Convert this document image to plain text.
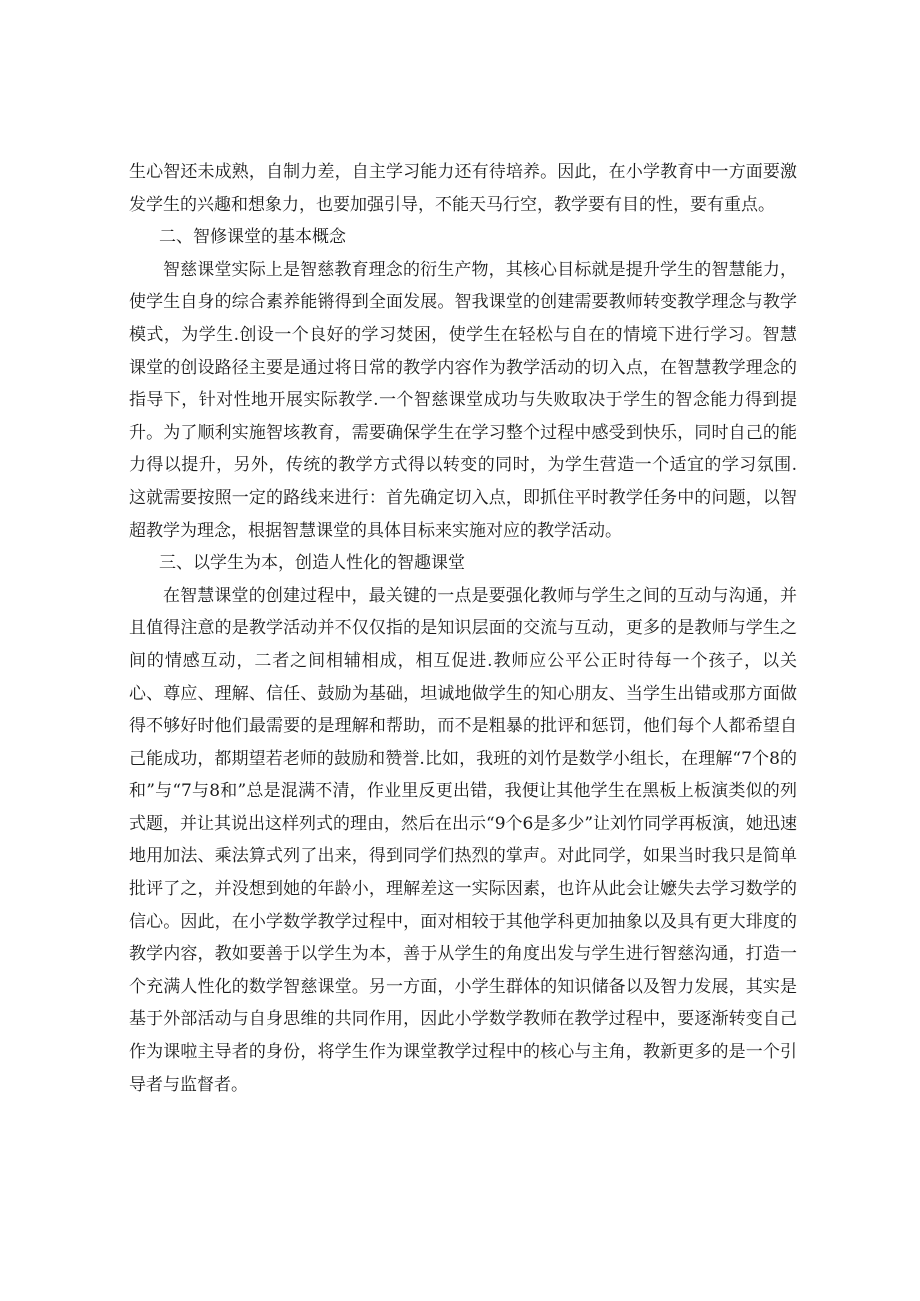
生心智还未成熟，自制力差，自主学习能力还有待培养。因此，在小学教育中一方面要激发学生的兴趣和想象力，也要加强引导，不能天马行空，教学要有目的性，要有重点。

二、智修课堂的基本概念

智慈课堂实际上是智慈教育理念的衍生产物，其核心目标就是提升学生的智慧能力，使学生自身的综合素养能锵得到全面发展。智我课堂的创建需要教师转变教学理念与教学模式，为学生.创设一个良好的学习焚困，使学生在轻松与自在的情境下进行学习。智慧课堂的创设路径主要是通过将日常的教学内容作为教学活动的切入点，在智慧教学理念的指导下，针对性地开展实际教学.一个智慈课堂成功与失败取决于学生的智念能力得到提升。为了顺利实施智垓教育，需要确保学生在学习整个过程中感受到快乐，同时自己的能力得以提升，另外，传统的教学方式得以转变的同时，为学生营造一个适宜的学习氛围.这就需要按照一定的路线来进行：首先确定切入点，即抓住平时教学任务中的问题，以智超教学为理念，根据智慧课堂的具体目标来实施对应的教学活动。

三、以学生为本，创造人性化的智趣课堂

在智慧课堂的创建过程中，最关键的一点是要强化教师与学生之间的互动与沟通，并且值得注意的是教学活动并不仅仅指的是知识层面的交流与互动，更多的是教师与学生之间的情感互动，二者之间相辅相成，相互促进.教师应公平公正时待每一个孩子，以关心、尊应、理解、信任、鼓励为基础，坦诚地做学生的知心朋友、当学生出错或那方面做得不够好时他们最需要的是理解和帮助，而不是粗暴的批评和惩罚，他们每个人都希望自己能成功，都期望若老师的鼓励和赞誉.比如，我班的刘竹是数学小组长，在理解“7个8的和”与“7与8和”总是混满不清，作业里反更出错，我便让其他学生在黑板上板演类似的列式题，并让其说出这样列式的理由，然后在出示“9个6是多少”让刘竹同学再板演，她迅速地用加法、乘法算式列了出来，得到同学们热烈的掌声。对此同学，如果当时我只是简单批评了之，并没想到她的年龄小，理解差这一实际因素，也许从此会让嬷失去学习数学的信心。因此，在小学数学教学过程中，面对相较于其他学科更加抽象以及具有更大琲度的教学内容，教如要善于以学生为本，善于从学生的角度出发与学生进行智慈沟通，打造一个充满人性化的数学智慈课堂。另一方面，小学生群体的知识储备以及智力发展，其实是基于外部活动与自身思维的共同作用，因此小学数学教师在教学过程中，要逐渐转变自己作为课啦主导者的身份，将学生作为课堂教学过程中的核心与主角，教新更多的是一个引导者与监督者。
